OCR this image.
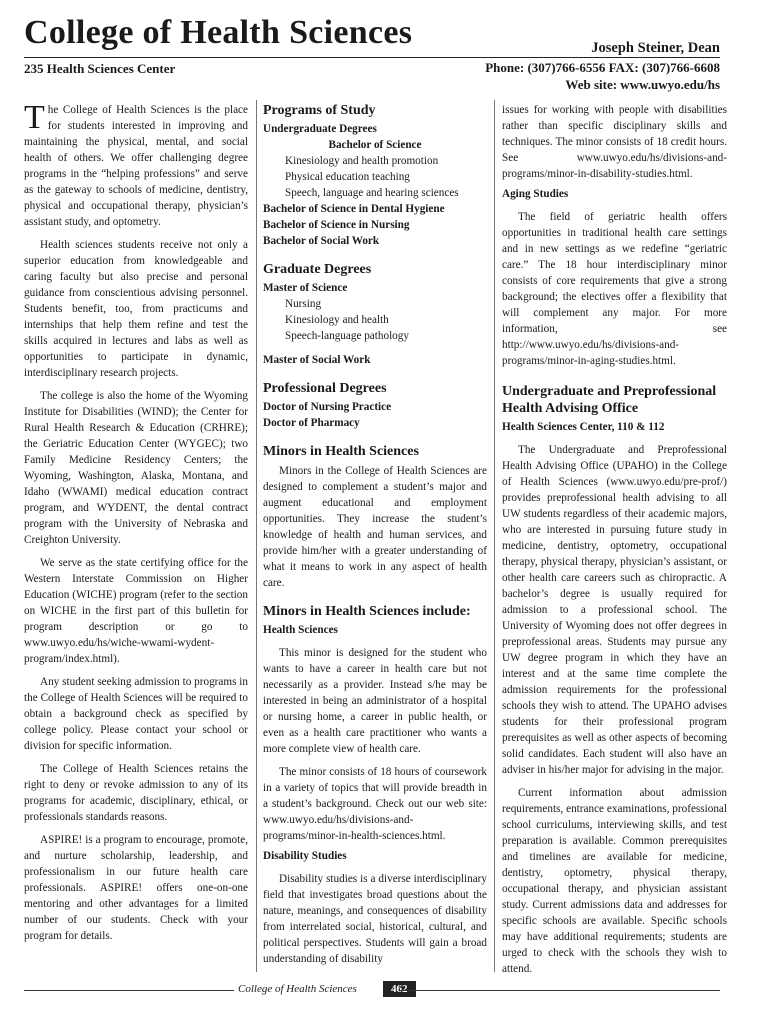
College of Health Sciences	Joseph Steiner, Dean
235 Health Sciences Center	Phone: (307)766-6556 FAX: (307)766-6608
Web site: www.uwyo.edu/hs

The College of Health Sciences is the place for students interested in improving and maintaining the physical, mental, and social health of others. We offer challenging degree programs in the “helping professions” and serve as the gateway to schools of medicine, dentistry, physical and occupational therapy, physician’s assistant study, and optometry.

Health sciences students receive not only a superior education from knowledgeable and caring faculty but also precise and personal guidance from conscientious advising personnel. Students benefit, too, from practicums and internships that help them refine and test the skills acquired in lectures and labs as well as opportunities to participate in dynamic, interdisciplinary research projects.

The college is also the home of the Wyoming Institute for Disabilities (WIND); the Center for Rural Health Research & Education (CRHRE); the Geriatric Education Center (WYGEC); two Family Medicine Residency Centers; the Wyoming, Washington, Alaska, Montana, and Idaho (WWAMI) medical education contract program, and WYDENT, the dental contract program with the University of Nebraska and Creighton University.

We serve as the state certifying office for the Western Interstate Commission on Higher Education (WICHE) program (refer to the section on WICHE in the first part of this bulletin for program description or go to www.uwyo.edu/hs/wiche-wwami-wydent-program/index.html).

Any student seeking admission to programs in the College of Health Sciences will be required to obtain a background check as specified by college policy. Please contact your school or division for specific information.

The College of Health Sciences retains the right to deny or revoke admission to any of its programs for academic, disciplinary, ethical, or professionals standards reasons.

ASPIRE! is a program to encourage, promote, and nurture scholarship, leadership, and professionalism in our future health care professionals. ASPIRE! offers one-on-one mentoring and other advantages for a limited number of our students. Check with your program for details.

Programs of Study
Undergraduate Degrees

Bachelor of Science

Kinesiology and health promotion

Physical education teaching

Speech, language and hearing sciences

Bachelor of Science in Dental Hygiene
Bachelor of Science in Nursing
Bachelor of Social Work
Graduate Degrees
Master of Science

Nursing

Kinesiology and health

Speech-language pathology

Master of Social Work
Professional Degrees
Doctor of Nursing Practice
Doctor of Pharmacy
Minors in Health Sciences

Minors in the College of Health Sciences are designed to complement a student’s major and augment educational and employment opportunities. They increase the student’s knowledge of health and human services, and provide him/her with a greater understanding of what it means to work in any aspect of health care.

Minors in Health Sciences include:
Health Sciences

This minor is designed for the student who wants to have a career in health care but not necessarily as a provider. Instead s/he may be interested in being an administrator of a hospital or nursing home, a career in public health, or even as a health care practitioner who wants a more complete view of health care.

The minor consists of 18 hours of coursework in a variety of topics that will provide breadth in a student’s background. Check out our web site: www.uwyo.edu/hs/divisions-and-programs/minor-in-health-sciences.html.

Disability Studies

Disability studies is a diverse interdisciplinary field that investigates broad questions about the nature, meanings, and consequences of disability from interrelated social, historical, cultural, and political perspectives. Students will gain a broad understanding of disability

issues for working with people with disabilities rather than specific disciplinary skills and techniques. The minor consists of 18 credit hours. See www.uwyo.edu/hs/divisions-and-programs/minor-in-disability-studies.html.

Aging Studies

The field of geriatric health offers opportunities in traditional health care settings and in new settings as we redefine “geriatric care.” The 18 hour interdisciplinary minor consists of core requirements that give a strong background; the electives offer a flexibility that will complement any major. For more information, see http://www.uwyo.edu/hs/divisions-and-programs/minor-in-aging-studies.html.

Undergraduate and Preprofessional Health Advising Office
Health Sciences Center, 110 & 112

The Undergraduate and Preprofessional Health Advising Office (UPAHO) in the College of Health Sciences (www.uwyo.edu/pre-prof/) provides preprofessional health advising to all UW students regardless of their academic majors, who are interested in pursuing future study in medicine, dentistry, optometry, occupational therapy, physical therapy, physician’s assistant, or other health care careers such as chiropractic. A bachelor’s degree is usually required for admission to a professional school. The University of Wyoming does not offer degrees in preprofessional areas. Students may pursue any UW degree program in which they have an interest and at the same time complete the admission requirements for the professional schools they wish to attend. The UPAHO advises students for their professional program prerequisites as well as other aspects of becoming solid candidates. Each student will also have an adviser in his/her major for advising in the major.

Current information about admission requirements, entrance examinations, professional school curriculums, interviewing skills, and test preparation is available. Common prerequisites and timelines are available for medicine, dentistry, optometry, physical therapy, occupational therapy, and physician assistant study. Current admissions data and addresses for specific schools are available. Specific schools may have additional requirements; students are urged to check with the schools they wish to attend.

College of Health Sciences	462
